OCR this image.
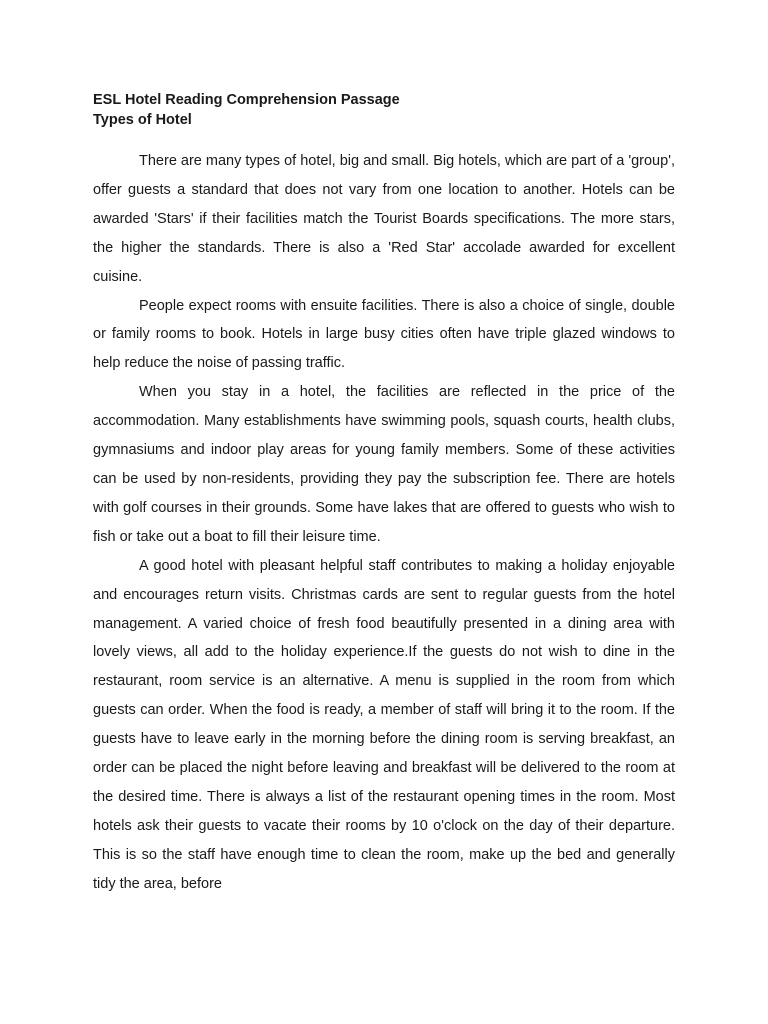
ESL Hotel Reading Comprehension Passage
Types of Hotel

There are many types of hotel, big and small. Big hotels, which are part of a 'group', offer guests a standard that does not vary from one location to another. Hotels can be awarded 'Stars' if their facilities match the Tourist Boards specifications. The more stars, the higher the standards. There is also a 'Red Star' accolade awarded for excellent cuisine.

People expect rooms with ensuite facilities. There is also a choice of single, double or family rooms to book. Hotels in large busy cities often have triple glazed windows to help reduce the noise of passing traffic.

When you stay in a hotel, the facilities are reflected in the price of the accommodation. Many establishments have swimming pools, squash courts, health clubs, gymnasiums and indoor play areas for young family members. Some of these activities can be used by non-residents, providing they pay the subscription fee. There are hotels with golf courses in their grounds. Some have lakes that are offered to guests who wish to fish or take out a boat to fill their leisure time.

A good hotel with pleasant helpful staff contributes to making a holiday enjoyable and encourages return visits. Christmas cards are sent to regular guests from the hotel management. A varied choice of fresh food beautifully presented in a dining area with lovely views, all add to the holiday experience.If the guests do not wish to dine in the restaurant, room service is an alternative. A menu is supplied in the room from which guests can order. When the food is ready, a member of staff will bring it to the room. If the guests have to leave early in the morning before the dining room is serving breakfast, an order can be placed the night before leaving and breakfast will be delivered to the room at the desired time. There is always a list of the restaurant opening times in the room. Most hotels ask their guests to vacate their rooms by 10 o'clock on the day of their departure. This is so the staff have enough time to clean the room, make up the bed and generally tidy the area, before
